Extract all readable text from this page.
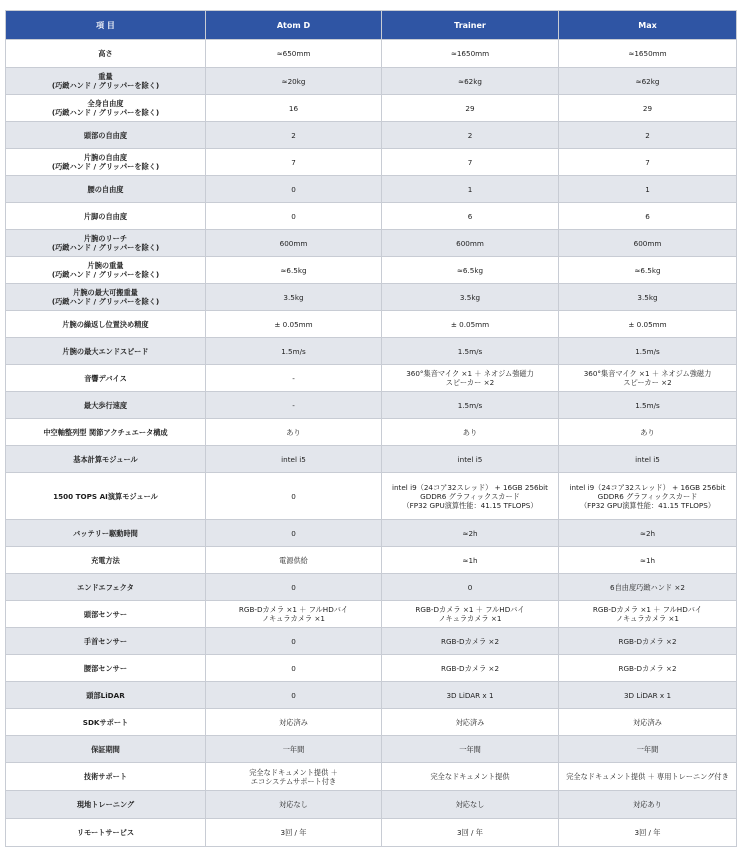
項 目	Atom D	Trainer	Max

高さ	≈650mm	≈1650mm	≈1650mm

重量
(巧緻ハンド / グリッパーを除く)	≈20kg	≈62kg	≈62kg

全身自由度
(巧緻ハンド / グリッパーを除く)	16	29	29

頭部の自由度	2	2	2

片腕の自由度
(巧緻ハンド / グリッパーを除く)	7	7	7

腰の自由度	0	1	1

片脚の自由度	0	6	6

片腕のリーチ
(巧緻ハンド / グリッパーを除く)	600mm	600mm	600mm

片腕の重量
(巧緻ハンド / グリッパーを除く)	≈6.5kg	≈6.5kg	≈6.5kg

片腕の最大可搬重量
(巧緻ハンド / グリッパーを除く)	3.5kg	3.5kg	3.5kg

片腕の繰返し位置決め精度	± 0.05mm	± 0.05mm	± 0.05mm

片腕の最大エンドスピード	1.5m/s	1.5m/s	1.5m/s

音響デバイス	-	360°集音マイク ×1 ＋ ネオジム強磁力
スピーカー ×2	360°集音マイク ×1 ＋ ネオジム強磁力
スピーカー ×2

最大歩行速度	-	1.5m/s	1.5m/s

中空軸整列型 関節アクチュエータ構成	あり	あり	あり

基本計算モジュール	intel i5	intel i5	intel i5

1500 TOPS AI演算モジュール	0	intel i9（24コア32スレッド） + 16GB 256bit
GDDR6 グラフィックスカード
（FP32 GPU演算性能：41.15 TFLOPS）	intel i9（24コア32スレッド） + 16GB 256bit
GDDR6 グラフィックスカード
（FP32 GPU演算性能：41.15 TFLOPS）

バッテリー駆動時間	0	≈2h	≈2h

充電方法	電源供給	≈1h	≈1h

エンドエフェクタ	0	0	6自由度巧緻ハンド ×2

頭部センサー	RGB-Dカメラ ×1 ＋ フルHDバイ
ノキュラカメラ ×1	RGB-Dカメラ ×1 ＋ フルHDバイ
ノキュラカメラ ×1	RGB-Dカメラ ×1 ＋ フルHDバイ
ノキュラカメラ ×1

手首センサー	0	RGB-Dカメラ ×2	RGB-Dカメラ ×2

腰部センサー	0	RGB-Dカメラ ×2	RGB-Dカメラ ×2

頭部LiDAR	0	3D LiDAR x 1	3D LiDAR x 1

SDKサポート	対応済み	対応済み	対応済み

保証期間	一年間	一年間	一年間

技術サポート	完全なドキュメント提供 ＋
エコシステムサポート付き	完全なドキュメント提供	完全なドキュメント提供 ＋ 専用トレーニング付き

現地トレーニング	対応なし	対応なし	対応あり

リモートサービス	3回 / 年	3回 / 年	3回 / 年
